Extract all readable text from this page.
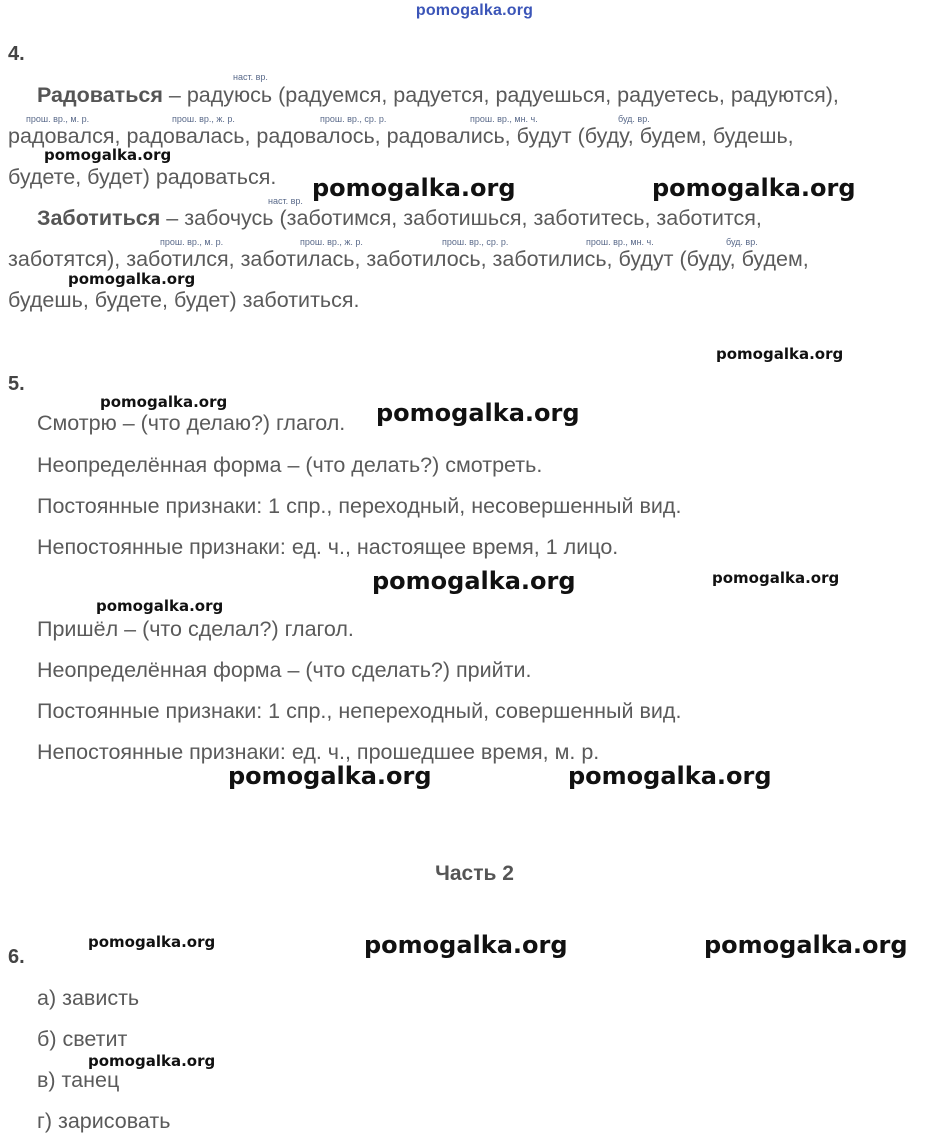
pomogalka.org
4.
наст. вр.
Радоваться – радуюсь (радуемся, радуется, радуешься, радуетесь, радуются),
прош. вр., м. р.	прош. вр., ж. р.	прош. вр., ср. р.	прош. вр., мн. ч.	буд. вр.
радовался, радовалась, радовалось, радовались, будут (буду, будем, будешь,
будете, будет) радоваться.
наст. вр.
Заботиться – забочусь (заботимся, заботишься, заботитесь, заботится,
прош. вр., м. р.	прош. вр., ж. р.	прош. вр., ср. р.	прош. вр., мн. ч.	буд. вр.
заботятся), заботился, заботилась, заботилось, заботились, будут (буду, будем,
будешь, будете, будет) заботиться.
5.
Смотрю – (что делаю?) глагол.
Неопределённая форма – (что делать?) смотреть.
Постоянные признаки: 1 спр., переходный, несовершенный вид.
Непостоянные признаки: ед. ч., настоящее время, 1 лицо.
Пришёл – (что сделал?) глагол.
Неопределённая форма – (что сделать?) прийти.
Постоянные признаки: 1 спр., непереходный, совершенный вид.
Непостоянные признаки: ед. ч., прошедшее время, м. р.
Часть 2
6.
а) зависть
б) светит
в) танец
г) зарисовать
pomogalka.org
pomogalka.org	pomogalka.org
pomogalka.org
pomogalka.org
pomogalka.org	pomogalka.org
pomogalka.org	pomogalka.org
pomogalka.org
pomogalka.org	pomogalka.org
pomogalka.org	pomogalka.org	pomogalka.org
pomogalka.org
